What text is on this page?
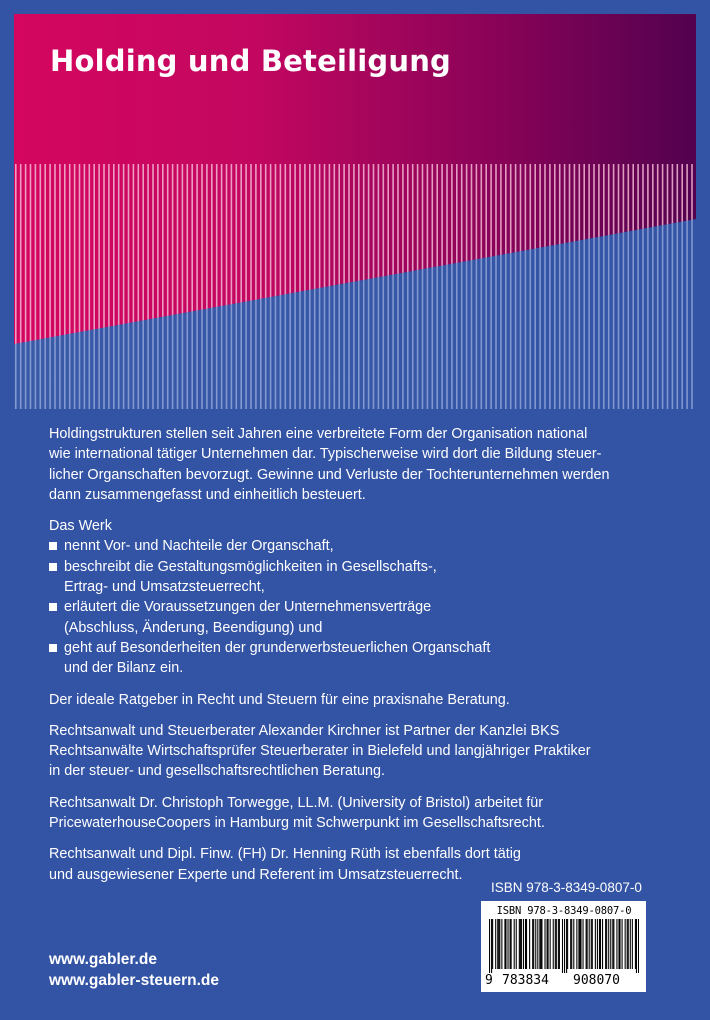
Holding und Beteiligung

Holdingstrukturen stellen seit Jahren eine verbreitete Form der Organisation national

wie international tätiger Unternehmen dar. Typischerweise wird dort die Bildung steuer-

licher Organschaften bevorzugt. Gewinne und Verluste der Tochterunternehmen werden

dann zusammengefasst und einheitlich besteuert.

Das Werk

nennt Vor- und Nachteile der Organschaft,
beschreibt die Gestaltungsmöglichkeiten in Gesellschafts-,
Ertrag- und Umsatzsteuerrecht,
erläutert die Voraussetzungen der Unternehmensverträge
(Abschluss, Änderung, Beendigung) und
geht auf Besonderheiten der grunderwerbsteuerlichen Organschaft
und der Bilanz ein.

Der ideale Ratgeber in Recht und Steuern für eine praxisnahe Beratung.

Rechtsanwalt und Steuerberater Alexander Kirchner ist Partner der Kanzlei BKS

Rechtsanwälte Wirtschaftsprüfer Steuerberater in Bielefeld und langjähriger Praktiker

in der steuer- und gesellschaftsrechtlichen Beratung.

Rechtsanwalt Dr. Christoph Torwegge, LL.M. (University of Bristol) arbeitet für

PricewaterhouseCoopers in Hamburg mit Schwerpunkt im Gesellschaftsrecht.

Rechtsanwalt und Dipl. Finw. (FH) Dr. Henning Rüth ist ebenfalls dort tätig

und ausgewiesener Experte und Referent im Umsatzsteuerrecht.

ISBN 978-3-8349-0807-0
ISBN 978-3-8349-0807-0
9 783834 908070
www.gabler.de
www.gabler-steuern.de
